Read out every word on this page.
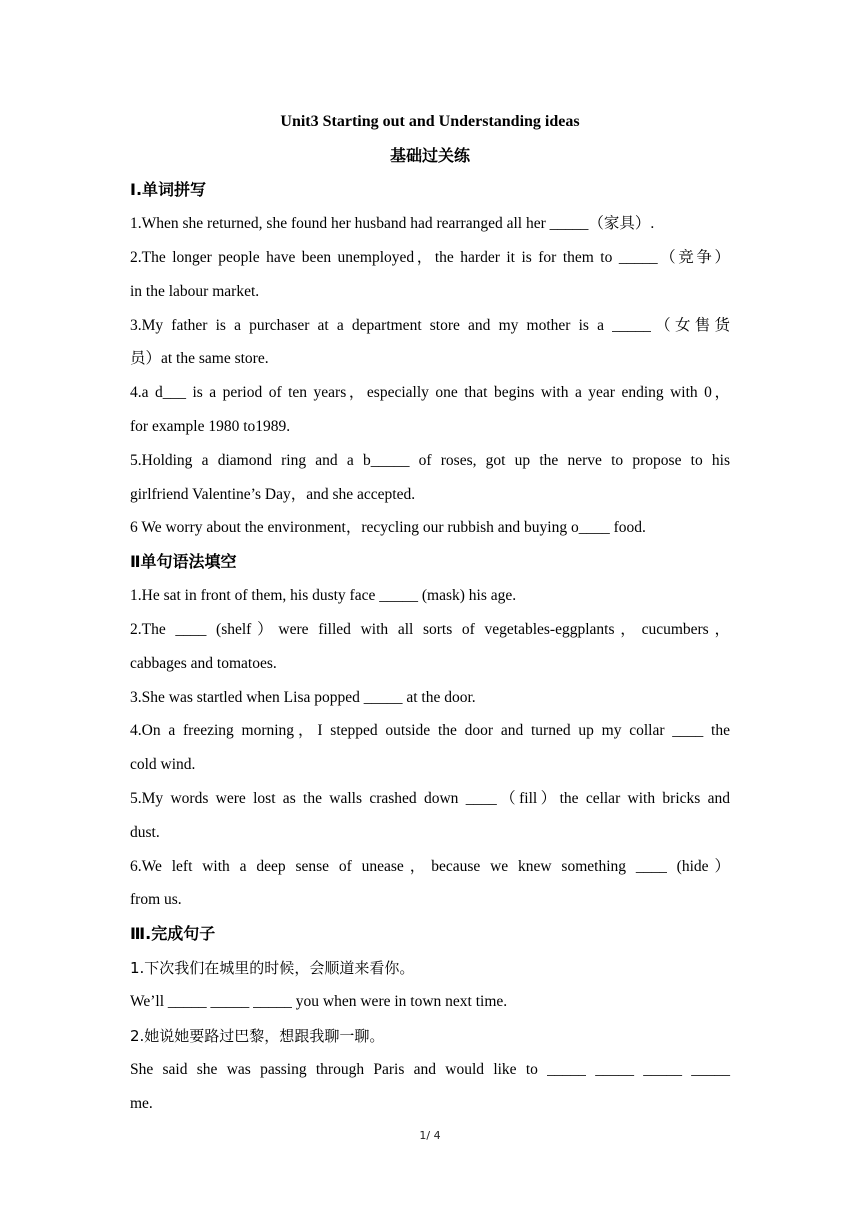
Unit3 Starting out and Understanding ideas
基础过关练
I.单词拼写
1.When she returned, she found her husband had rearranged all her _____（家具）.
2.The longer people have been unemployed，the harder it is for them to _____（竞争）
in the labour market.
3.My father is a purchaser at a department store and my mother is a _____（女售货
员）at the same store.
4.a d___ is a period of ten years，especially one that begins with a year ending with 0，
for example 1980 to1989.
5.Holding a diamond ring and a b_____ of roses, got up the nerve to propose to his
girlfriend Valentine’s Day，and she accepted.
6 We worry about the environment，recycling our rubbish and buying o____ food.
Ⅱ单句语法填空
1.He sat in front of them, his dusty face _____ (mask) his age.
2.The ____ (shelf）were filled with all sorts of vegetables-eggplants，cucumbers，
cabbages and tomatoes.
3.She was startled when Lisa popped _____ at the door.
4.On a freezing morning，I stepped outside the door and turned up my collar ____ the
cold wind.
5.My words were lost as the walls crashed down ____（fill）the cellar with bricks and
dust.
6.We left with a deep sense of unease，because we knew something ____ (hide）
from us.
Ⅲ.完成句子
1.下次我们在城里的时候，会顺道来看你。
We’ll _____ _____ _____ you when were in town next time.
2.她说她要路过巴黎，想跟我聊一聊。
She said she was passing through Paris and would like to _____ _____ _____ _____
me.
1/ 4
